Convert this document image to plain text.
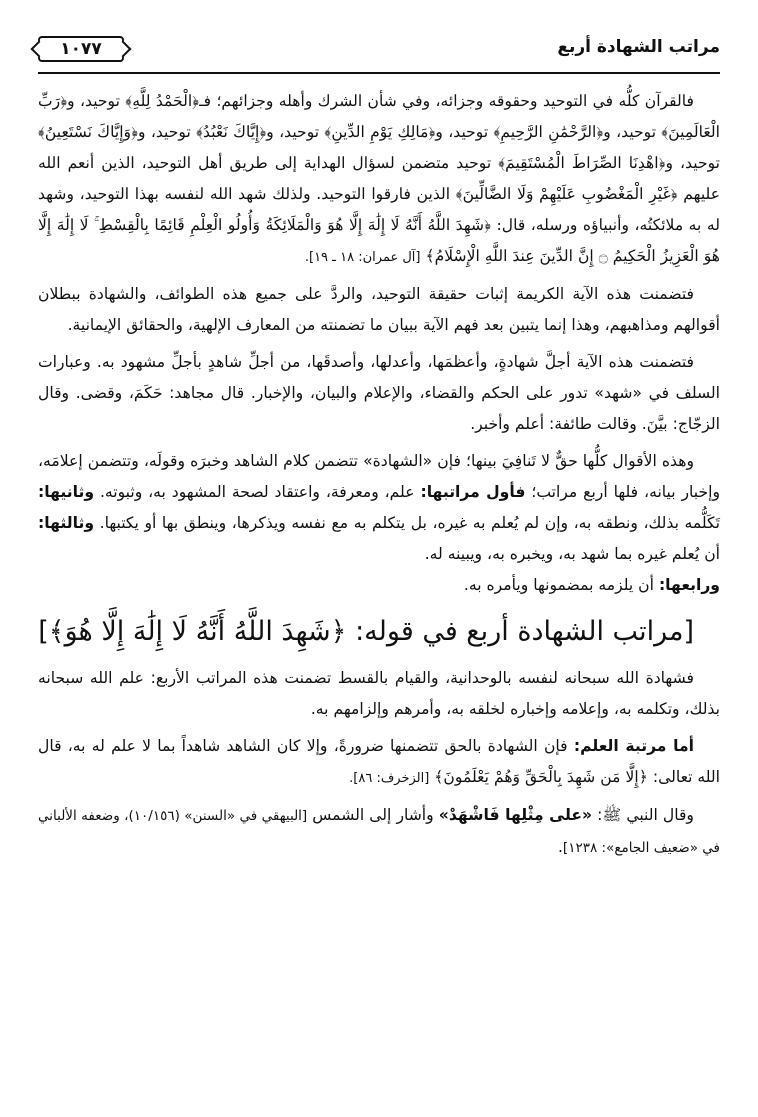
١٠٧٧	مراتب الشهادة أربع

فالقرآن كلُّه في التوحيد وحقوقه وجزائه، وفي شأن الشرك وأهله وجزائهم؛ فـ﴿الْحَمْدُ لِلَّهِ﴾ توحيد، و﴿رَبِّ الْعَالَمِينَ﴾ توحيد، و﴿الرَّحْمَٰنِ الرَّحِيمِ﴾ توحيد، و﴿مَالِكِ يَوْمِ الدِّينِ﴾ توحيد، و﴿إِيَّاكَ نَعْبُدُ﴾ توحيد، و﴿وَإِيَّاكَ نَسْتَعِينُ﴾ توحيد، و﴿اهْدِنَا الصِّرَاطَ الْمُسْتَقِيمَ﴾ توحيد متضمن لسؤال الهداية إلى طريق أهل التوحيد، الذين أنعم الله عليهم ﴿غَيْرِ الْمَغْضُوبِ عَلَيْهِمْ وَلَا الضَّالِّينَ﴾ الذين فارقوا التوحيد. ولذلك شهد الله لنفسه بهذا التوحيد، وشهد له به ملائكتُه، وأنبياؤه ورسله، قال: ﴿شَهِدَ اللَّهُ أَنَّهُ لَا إِلَٰهَ إِلَّا هُوَ وَالْمَلَائِكَةُ وَأُولُو الْعِلْمِ قَائِمًا بِالْقِسْطِ ۚ لَا إِلَٰهَ إِلَّا هُوَ الْعَزِيزُ الْحَكِيمُ ۝ إِنَّ الدِّينَ عِندَ اللَّهِ الْإِسْلَامُ﴾ [آل عمران: ١٨ ـ ١٩].

فتضمنت هذه الآية الكريمة إثبات حقيقة التوحيد، والردَّ على جميع هذه الطوائف، والشهادة ببطلان أقوالهم ومذاهبهم، وهذا إنما يتبين بعد فهم الآية ببيان ما تضمنته من المعارف الإلهية، والحقائق الإيمانية.

فتضمنت هذه الآية أجلَّ شهادةٍ، وأعظمَها، وأعدلها، وأصدقَها، من أجلِّ شاهدٍ بأجلِّ مشهود به. وعبارات السلف في «شهد» تدور على الحكم والقضاء، والإعلام والبيان، والإخبار. قال مجاهد: حَكَمَ، وقضى. وقال الزجّاج: بيَّنَ. وقالت طائفة: أعلم وأخبر.

وهذه الأقوال كلُّها حقٌّ لا تَنافِيَ بينها؛ فإن «الشهادة» تتضمن كلام الشاهد وخبرَه وقولَه، وتتضمن إعلامَه، وإخبار بيانه، فلها أربع مراتب؛ فأول مراتبها: علم، ومعرفة، واعتقاد لصحة المشهود به، وثبوته. وثانيها: تَكَلُّمه بذلك، ونطقه به، وإن لم يُعلم به غيره، بل يتكلم به مع نفسه ويذكرها، وينطق بها أو يكتبها. وثالثها: أن يُعلم غيره بما شهد به، ويخبره به، ويبينه له.
ورابعها: أن يلزمه بمضمونها ويأمره به.

[مراتب الشهادة أربع في قوله: ﴿شَهِدَ اللَّهُ أَنَّهُ لَا إِلَٰهَ إِلَّا هُوَ﴾]

فشهادة الله سبحانه لنفسه بالوحدانية، والقيام بالقسط تضمنت هذه المراتب الأربع: علم الله سبحانه بذلك، وتكلمه به، وإعلامه وإخباره لخلقه به، وأمرهم وإلزامهم به.

أما مرتبة العلم: فإن الشهادة بالحق تتضمنها ضرورةً، وإلا كان الشاهد شاهداً بما لا علم له به، قال الله تعالى: ﴿إِلَّا مَن شَهِدَ بِالْحَقِّ وَهُمْ يَعْلَمُونَ﴾ [الزخرف: ٨٦].

وقال النبي ﷺ: «على مِثْلِها فَاشْهَدْ» وأشار إلى الشمس [البيهقي في «السنن» (١٠/١٥٦)، وضعفه الألباني في «ضعيف الجامع»: ١٢٣٨].
